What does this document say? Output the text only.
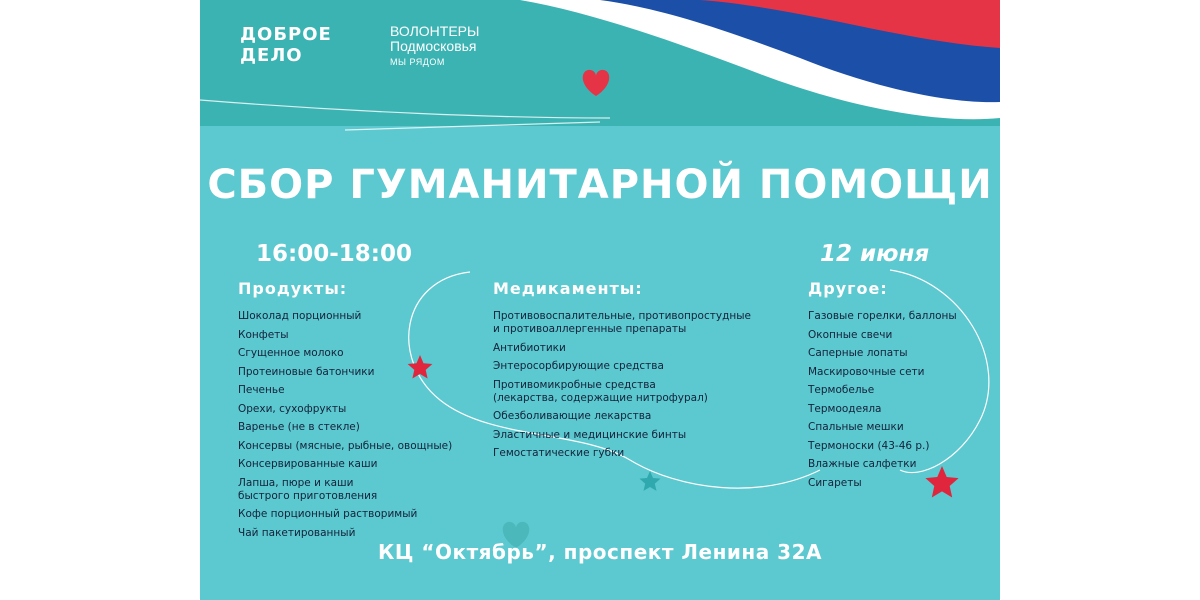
ДОБРОЕ
ДЕЛО
ВОЛОНТЕРЫ
Подмосковья
МЫ РЯДОМ
СБОР ГУМАНИТАРНОЙ ПОМОЩИ
16:00-18:00	12 июня
Продукты:	Медикаменты:	Другое:
Шоколад порционный
Конфеты
Сгущенное молоко
Протеиновые батончики
Печенье
Орехи, сухофрукты
Варенье (не в стекле)
Консервы (мясные, рыбные, овощные)
Консервированные каши
Лапша, пюре и каши
быстрого приготовления
Кофе порционный растворимый
Чай пакетированный
Противовоспалительные, противопростудные
и противоаллергенные препараты
Антибиотики
Энтеросорбирующие средства
Противомикробные средства
(лекарства, содержащие нитрофурал)
Обезболивающие лекарства
Эластичные и медицинские бинты
Гемостатические губки
Газовые горелки, баллоны
Окопные свечи
Саперные лопаты
Маскировочные сети
Термобелье
Термоодеяла
Спальные мешки
Термоноски (43-46 р.)
Влажные салфетки
Сигареты
КЦ “Октябрь”, проспект Ленина 32А
